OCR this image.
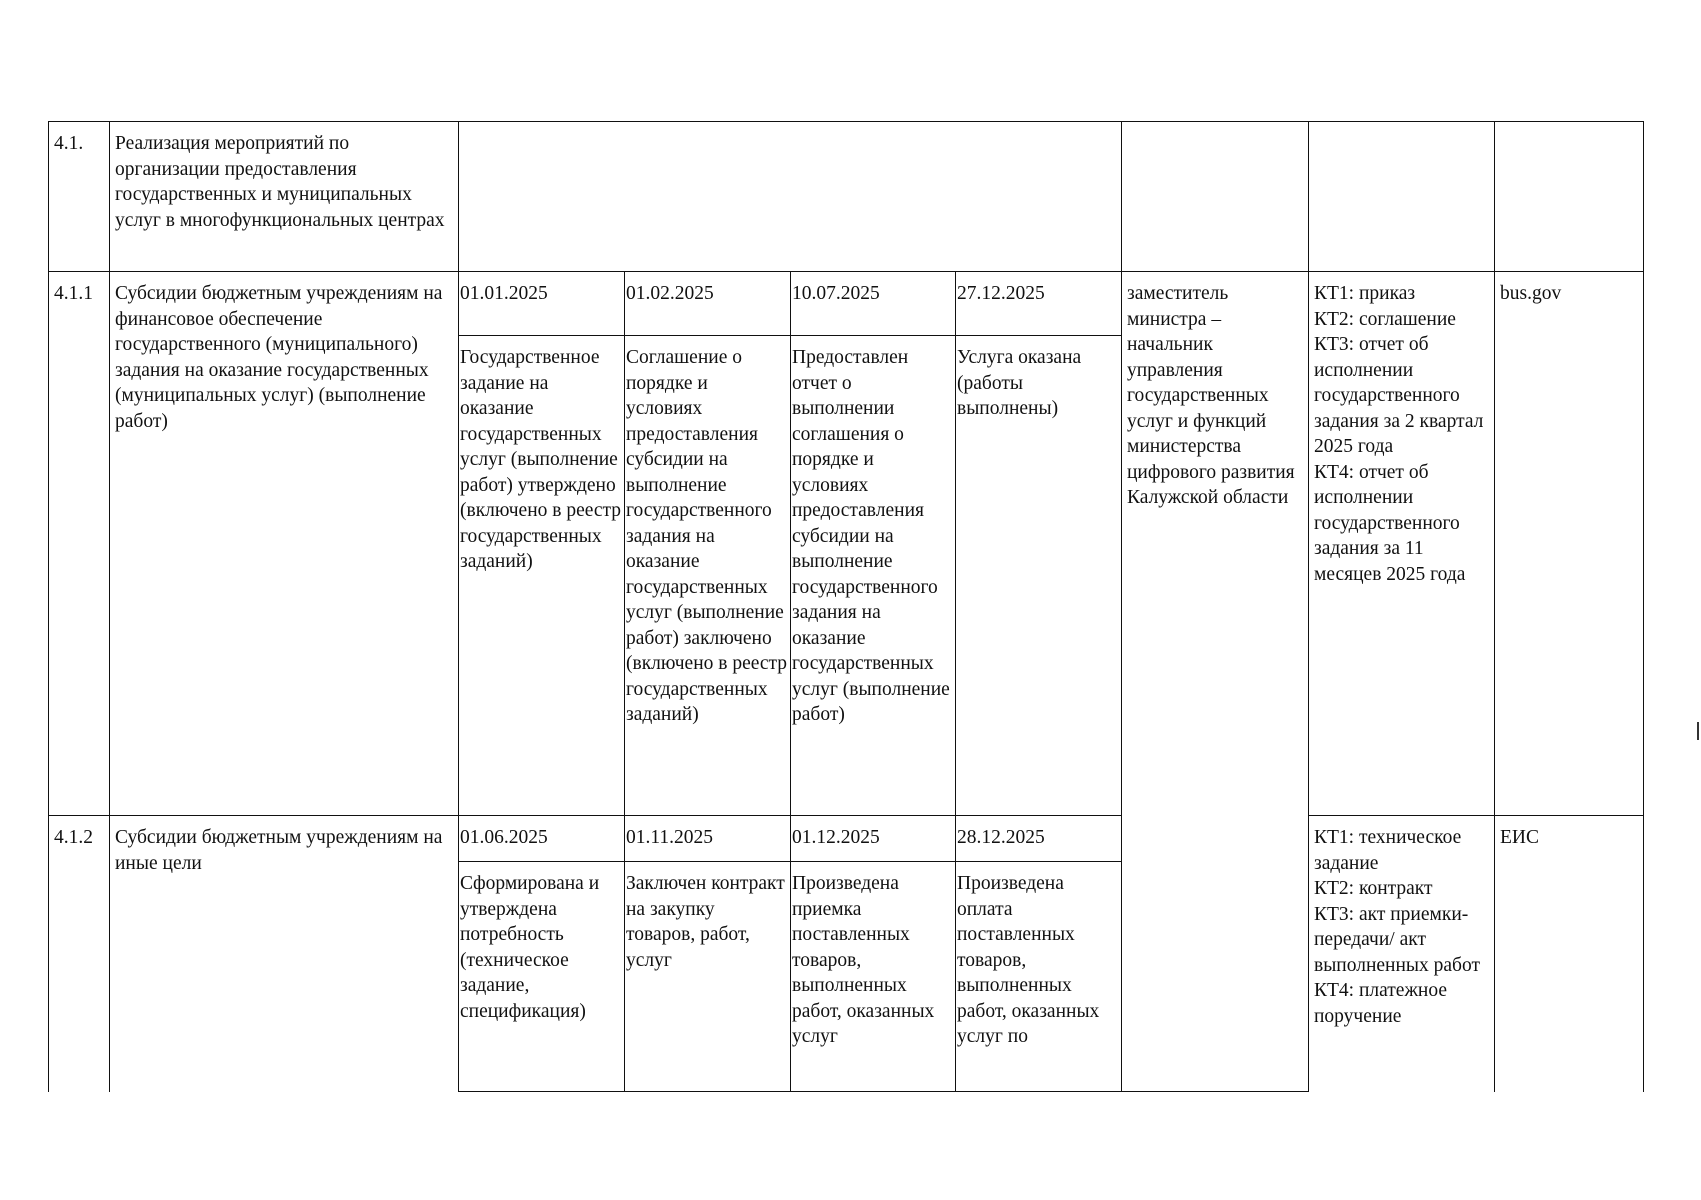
4.1.	Реализация мероприятий по организации предоставления государственных и муниципальных услуг в многофункциональных центрах							
4.1.1	Субсидии бюджетным учреждениям на финансовое обеспечение государственного (муниципального) задания на оказание государственных (муниципальных услуг) (выполнение работ)	01.01.2025	01.02.2025	10.07.2025	27.12.2025	заместитель министра – начальник управления государственных услуг и функций министерства цифрового развития Калужской области	КТ1: приказ
КТ2: соглашение
КТ3: отчет об исполнении государственного задания за 2 квартал 2025 года
КТ4: отчет об исполнении государственного задания за 11 месяцев 2025 года	bus.gov
		Государственное задание на оказание государственных услуг (выполнение работ) утверждено (включено в реестр государственных заданий)	Соглашение о порядке и условиях предоставления субсидии на выполнение государственного задания на оказание государственных услуг (выполнение работ) заключено (включено в реестр государственных заданий)	Предоставлен отчет о выполнении соглашения о порядке и условиях предоставления субсидии на выполнение государственного задания на оказание государственных услуг (выполнение работ)	Услуга оказана (работы выполнены)			
4.1.2	Субсидии бюджетным учреждениям на иные цели	01.06.2025	01.11.2025	01.12.2025	28.12.2025		КТ1: техническое задание
КТ2: контракт
КТ3: акт приемки-передачи/ акт выполненных работ
КТ4: платежное поручение	ЕИС
		Сформирована и утверждена потребность (техническое задание, спецификация)	Заключен контракт на закупку товаров, работ, услуг	Произведена приемка поставленных товаров, выполненных работ, оказанных услуг	Произведена оплата поставленных товаров, выполненных работ, оказанных услуг по			
